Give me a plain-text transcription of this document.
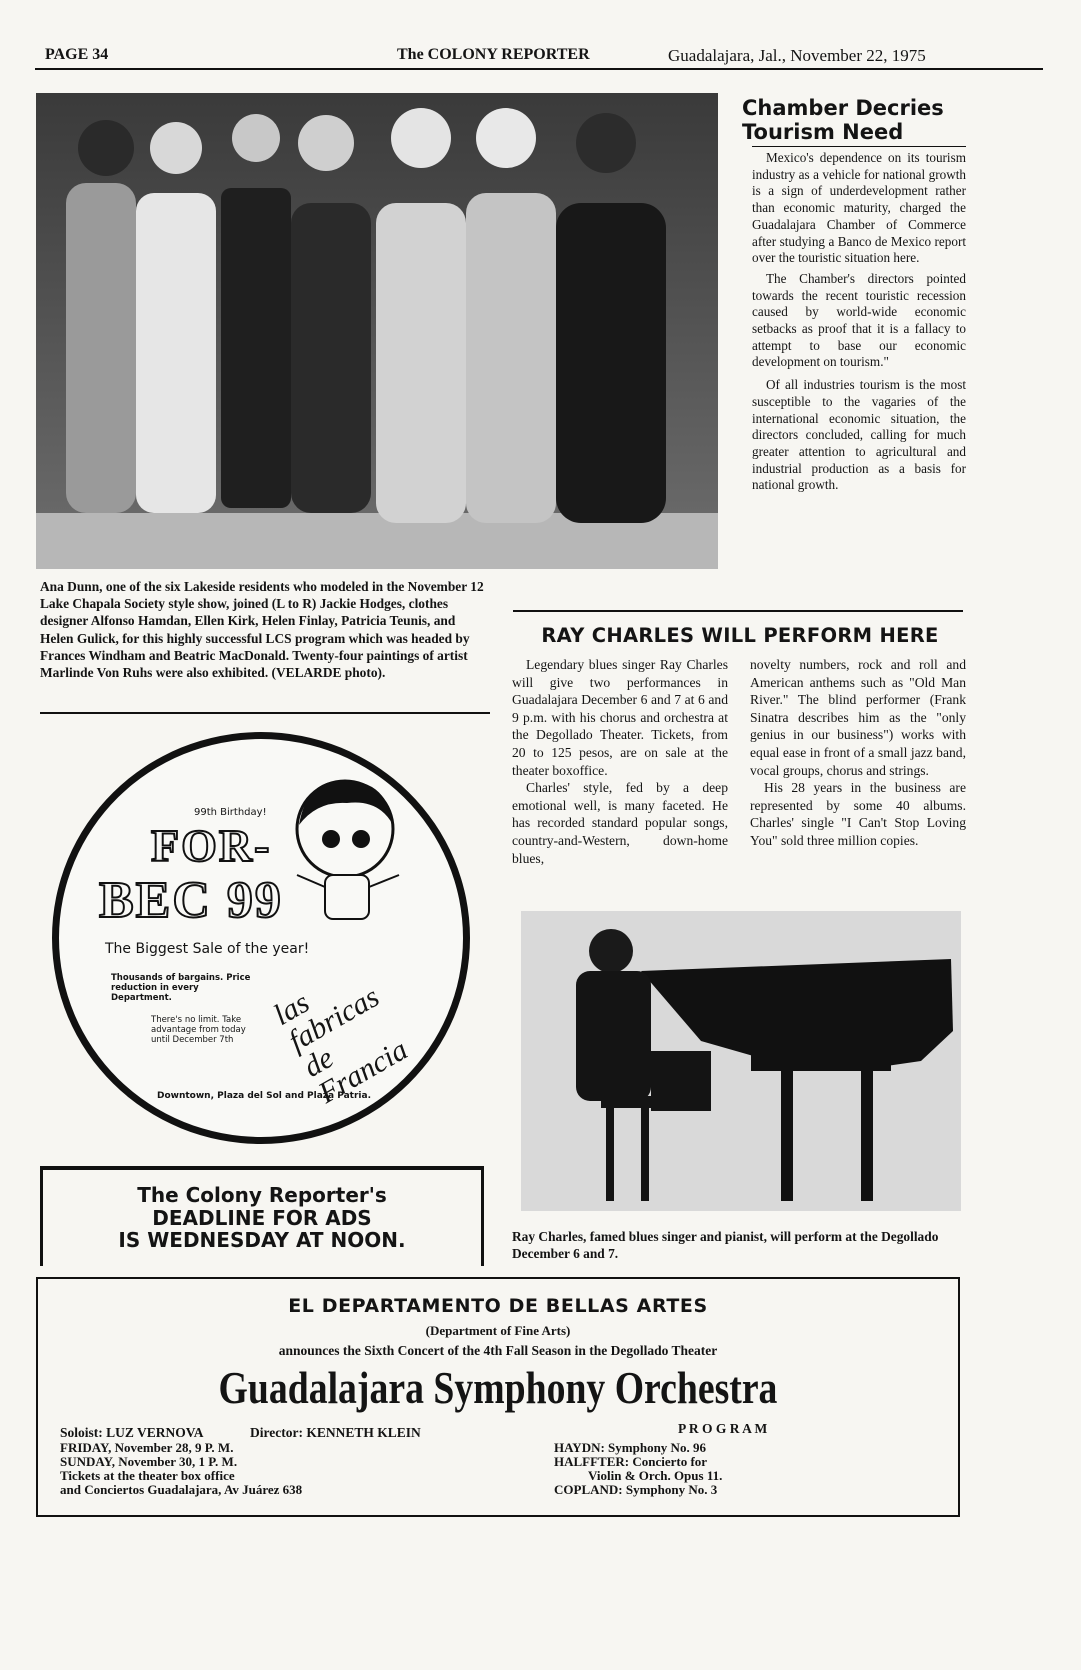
PAGE 34	The COLONY REPORTER	Guadalajara, Jal., November 22, 1975
Ana Dunn, one of the six Lakeside residents who modeled in the November 12 Lake Chapala Society style show, joined (L to R) Jackie Hodges, clothes designer Alfonso Hamdan, Ellen Kirk, Helen Finlay, Patricia Teunis, and Helen Gulick, for this highly successful LCS program which was headed by Frances Windham and Beatric MacDonald. Twenty-four paintings of artist Marlinde Von Ruhs were also exhibited. (VELARDE photo).
Chamber Decries Tourism Need

Mexico's dependence on its tourism industry as a vehicle for national growth is a sign of underdevelopment rather than economic maturity, charged the Guadalajara Chamber of Commerce after studying a Banco de Mexico report over the touristic situation here.

The Chamber's directors pointed towards the recent touristic recession caused by world-wide economic setbacks as proof that it is a fallacy to attempt to base our economic development on tourism."

Of all industries tourism is the most susceptible to the vagaries of the international economic situation, the directors concluded, calling for much greater attention to agricultural and industrial production as a basis for national growth.

RAY CHARLES WILL PERFORM HERE

Legendary blues singer Ray Charles will give two performances in Guadalajara December 6 and 7 at 6 and 9 p.m. with his chorus and orchestra at the Degollado Theater. Tickets, from 20 to 125 pesos, are on sale at the theater boxoffice.

Charles' style, fed by a deep emotional well, is many faceted. He has recorded standard popular songs, country-and-Western, down-home blues,

novelty numbers, rock and roll and American anthems such as "Old Man River." The blind performer (Frank Sinatra describes him as the "only genius in our business") works with equal ease in front of a small jazz band, vocal groups, chorus and strings.

His 28 years in the business are represented by some 40 albums. Charles' single "I Can't Stop Loving You" sold three million copies.

Ray Charles, famed blues singer and pianist, will perform at the Degollado December 6 and 7.
99th Birthday!
FOR-
BEC 99
The Biggest Sale of the year!
Thousands of bargains. Price reduction in every Department.
There's no limit. Take advantage from today until December 7th
las fabricas de Francia
Downtown, Plaza del Sol and Plaza Patria.
The Colony Reporter's
DEADLINE FOR ADS
IS WEDNESDAY AT NOON.
EL DEPARTAMENTO DE BELLAS ARTES
(Department of Fine Arts)
announces the Sixth Concert of the 4th Fall Season in the Degollado Theater
Guadalajara Symphony Orchestra
Soloist: LUZ VERNOVA	Director: KENNETH KLEIN	P R O G R A M
FRIDAY, November 28, 9 P. M.
SUNDAY, November 30, 1 P. M.
Tickets at the theater box office
and Conciertos Guadalajara, Av Juárez 638
HAYDN: Symphony No. 96
HALFFTER: Concierto for
Violin & Orch. Opus 11.
COPLAND: Symphony No. 3
